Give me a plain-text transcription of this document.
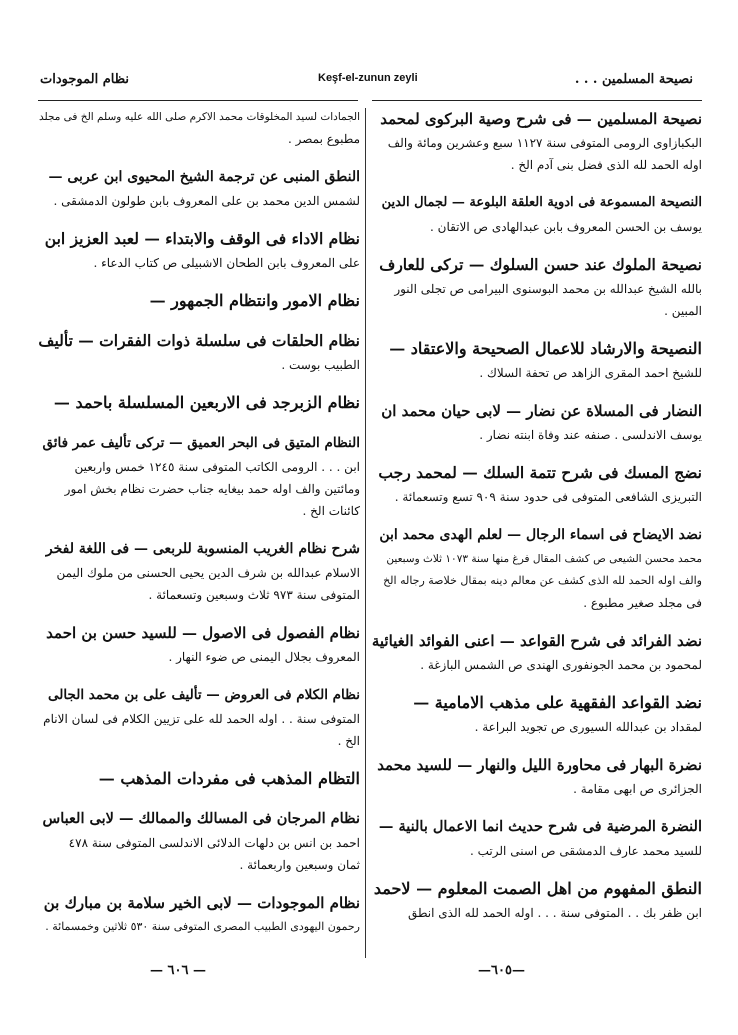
نصيحة المسلمين . . .
Keşf-el-zunun zeyli
نظام الموجودات
نصيحة المسلمين — فى شرح وصية البركوى لمحمد
البكبازاوى الرومى المتوفى سنة ١١٢٧ سبع وعشرين ومائة والف
اوله الحمد لله الذى فضل بنى آدم الخ .
النصيحة المسموعة فى ادوية العلقة البلوعة — لجمال الدين
يوسف بن الحسن المعروف بابن عبدالهادى ص الاتقان .
نصيحة الملوك عند حسن السلوك — تركى للعارف
بالله الشيخ عبدالله بن محمد البوسنوى البيرامى ص تجلى النور
المبين .
النصيحة والارشاد للاعمال الصحيحة والاعتقاد —
للشيخ احمد المقرى الزاهد ص تحفة السلاك .
النضار فى المسلاة عن نضار — لابى حيان محمد ان
يوسف الاندلسى . صنفه عند وفاة ابنته نضار .
نضج المسك فى شرح تتمة السلك — لمحمد رجب
التبريزى الشافعى المتوفى فى حدود سنة ٩٠٩ تسع وتسعمائة .
نضد الايضاح فى اسماء الرجال — لعلم الهدى محمد ابن
محمد محسن الشيعى ص كشف المقال فرغ منها سنة ١٠٧٣ ثلاث وسبعين
والف اوله الحمد لله الذى كشف عن معالم دينه بمقال خلاصة رجاله الخ
فى مجلد صغير مطبوع .
نضد الفرائد فى شرح القواعد — اعنى الفوائد الغيائية
لمحمود بن محمد الجونفورى الهندى ص الشمس البازغة .
نضد القواعد الفقهية على مذهب الامامية —
لمقداد بن عبدالله السيورى ص تجويد البراعة .
نضرة البهار فى محاورة الليل والنهار — للسيد محمد
الجزائرى ص ابهى مقامة .
النضرة المرضية فى شرح حديث انما الاعمال بالنية —
للسيد محمد عارف الدمشقى ص اسنى الرتب .
النطق المفهوم من اهل الصمت المعلوم — لاحمد
ابن ظفر بك . . المتوفى سنة . . . اوله الحمد لله الذى انطق
الجمادات لسيد المخلوقات محمد الاكرم صلى الله عليه وسلم الخ فى مجلد
مطبوع بمصر .
النطق المنبى عن ترجمة الشيخ المحيوى ابن عربى —
لشمس الدين محمد بن على المعروف بابن طولون الدمشقى .
نظام الاداء فى الوقف والابتداء — لعبد العزيز ابن
على المعروف بابن الطحان الاشبيلى ص كتاب الدعاء .
نظام الامور وانتظام الجمهور —
نظام الحلقات فى سلسلة ذوات الفقرات — تأليف
الطبيب بوست .
نظام الزبرجد فى الاربعين المسلسلة باحمد —
النظام المتيق فى البحر العميق — تركى تأليف عمر فائق
ابن . . . الرومى الكاتب المتوفى سنة ١٢٤٥ خمس واربعين
ومائتين والف اوله حمد بيغايه جناب حضرت نظام بخش امور
كائنات الخ .
شرح نظام الغريب المنسوبة للربعى — فى اللغة لفخر
الاسلام عبدالله بن شرف الدين يحيى الحسنى من ملوك اليمن
المتوفى سنة ٩٧٣ ثلاث وسبعين وتسعمائة .
نظام الفصول فى الاصول — للسيد حسن بن احمد
المعروف بجلال اليمنى ص ضوء النهار .
نظام الكلام فى العروض — تأليف على بن محمد الجالى
المتوفى سنة . . اوله الحمد لله على تزيين الكلام فى لسان الانام
الخ .
التظام المذهب فى مفردات المذهب —
نظام المرجان فى المسالك والممالك — لابى العباس
احمد بن انس بن دلهات الدلائى الاندلسى المتوفى سنة ٤٧٨
ثمان وسبعين واربعمائة .
نظام الموجودات — لابى الخير سلامة بن مبارك بن
رحمون اليهودى الطبيب المصرى المتوفى سنة ٥٣٠ ثلاثين وخمسمائة .
— ٦٠٦ —	—٦٠٥—
